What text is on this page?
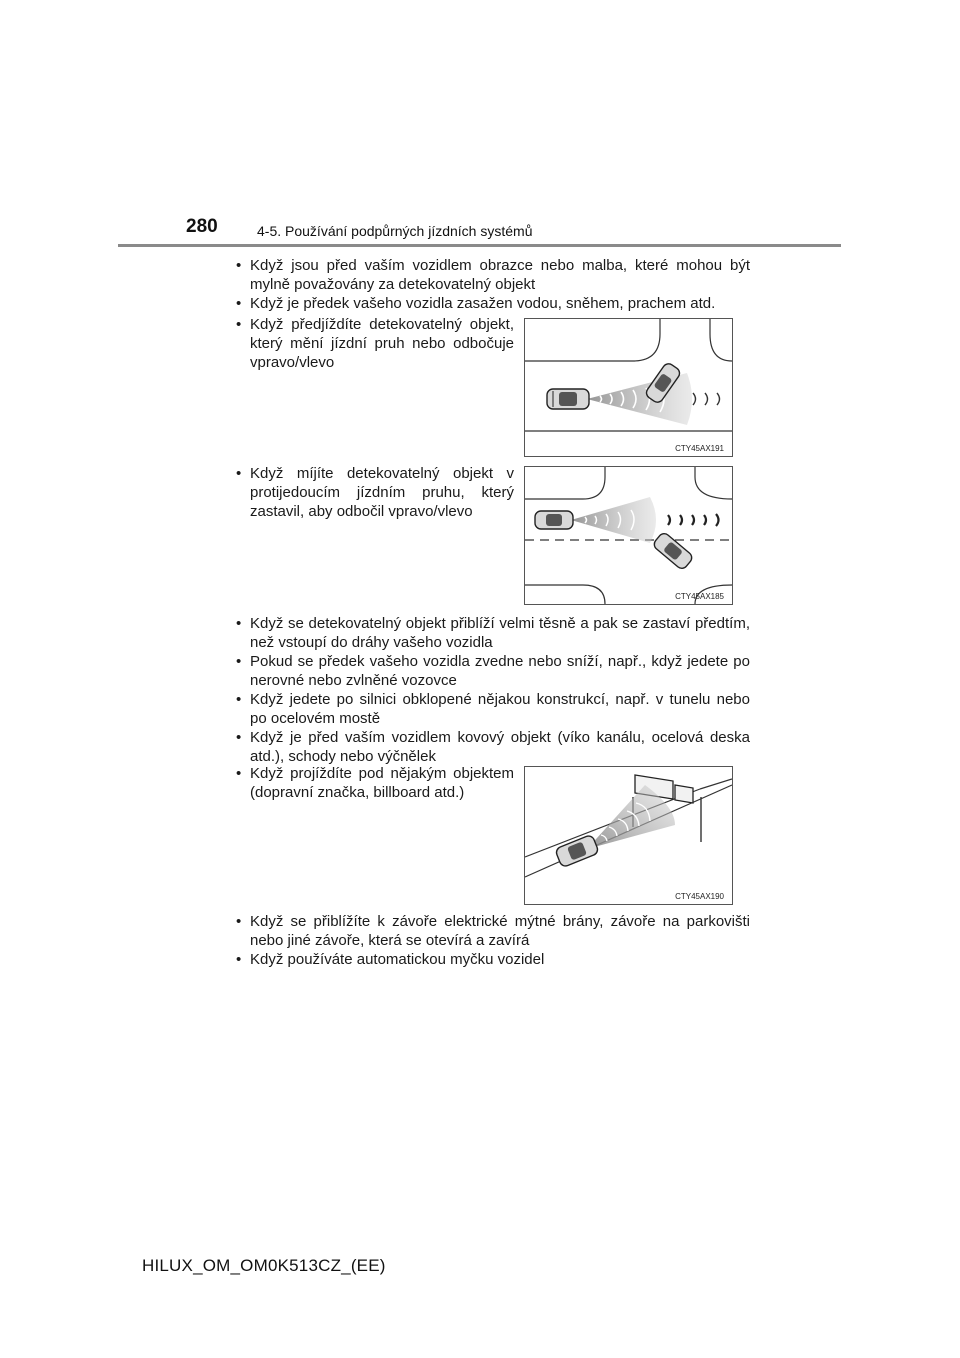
280	4-5. Používání podpůrných jízdních systémů

• Když jsou před vaším vozidlem obrazce nebo malba, které mohou být mylně považovány za detekovatelný objekt

• Když je předek vašeho vozidla zasažen vodou, sněhem, prachem atd.

• Když předjíždíte detekovatelný objekt, který mění jízdní pruh nebo odbočuje vpravo/vlevo

CTY45AX191

• Když míjíte detekovatelný objekt v protijedoucím jízdním pruhu, který zastavil, aby odbočil vpravo/vlevo

CTY45AX185

• Když se detekovatelný objekt přiblíží velmi těsně a pak se zastaví předtím, než vstoupí do dráhy vašeho vozidla

• Pokud se předek vašeho vozidla zvedne nebo sníží, např., když jedete po nerovné nebo zvlněné vozovce

• Když jedete po silnici obklopené nějakou konstrukcí, např. v tunelu nebo po ocelovém mostě

• Když je před vaším vozidlem kovový objekt (víko kanálu, ocelová deska atd.), schody nebo výčnělek

• Když projíždíte pod nějakým objektem (dopravní značka, billboard atd.)

CTY45AX190

• Když se přiblížíte k závoře elektrické mýtné brány, závoře na parkovišti nebo jiné závoře, která se otevírá a zavírá

• Když používáte automatickou myčku vozidel

HILUX_OM_OM0K513CZ_(EE)
